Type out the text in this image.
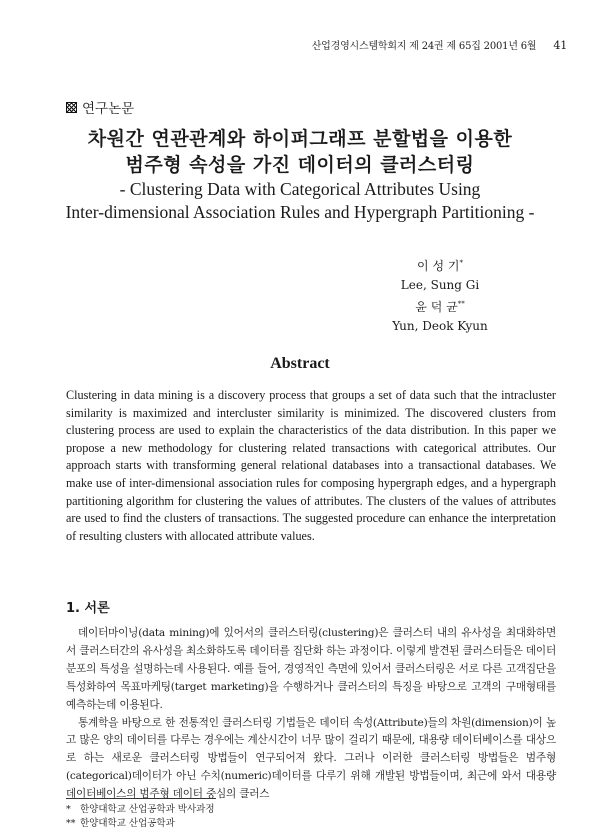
산업경영시스템학회지 제 24권 제 65집 2001년 6월 41
연구논문
차원간 연관관계와 하이퍼그래프 분할법을 이용한
범주형 속성을 가진 데이터의 클러스터링
- Clustering Data with Categorical Attributes Using
Inter-dimensional Association Rules and Hypergraph Partitioning -
이 성 기*
Lee, Sung Gi
윤 덕 균**
Yun, Deok Kyun
Abstract

Clustering in data mining is a discovery process that groups a set of data such that the intracluster similarity is maximized and intercluster similarity is minimized. The discovered clusters from clustering process are used to explain the characteristics of the data distribution. In this paper we propose a new methodology for clustering related transactions with categorical attributes. Our approach starts with transforming general relational databases into a transactional databases. We make use of inter-dimensional association rules for composing hypergraph edges, and a hypergraph partitioning algorithm for clustering the values of attributes. The clusters of the values of attributes are used to find the clusters of transactions. The suggested procedure can enhance the interpretation of resulting clusters with allocated attribute values.

1. 서론

데이터마이닝(data mining)에 있어서의 클러스터링(clustering)은 클러스터 내의 유사성을 최대화하면서 클러스터간의 유사성을 최소화하도록 데이터를 집단화 하는 과정이다. 이렇게 발견된 클러스터들은 데이터 분포의 특성을 설명하는데 사용된다. 예를 들어, 경영적인 측면에 있어서 클러스터링은 서로 다른 고객집단을 특성화하여 목표마케팅(target marketing)을 수행하거나 클러스터의 특징을 바탕으로 고객의 구매형태를 예측하는데 이용된다.

통계학을 바탕으로 한 전통적인 클러스터링 기법들은 데이터 속성(Attribute)들의 차원(dimension)이 높고 많은 양의 데이터를 다루는 경우에는 계산시간이 너무 많이 걸리기 때문에, 대용량 데이터베이스를 대상으로 하는 새로운 클러스터링 방법들이 연구되어져 왔다. 그러나 이러한 클러스터링 방법들은 범주형(categorical)데이터가 아닌 수치(numeric)데이터를 다루기 위해 개발된 방법들이며, 최근에 와서 대용량 데이터베이스의 범주형 데이터 중심의 클러스

* 한양대학교 산업공학과 박사과정
** 한양대학교 산업공학과
